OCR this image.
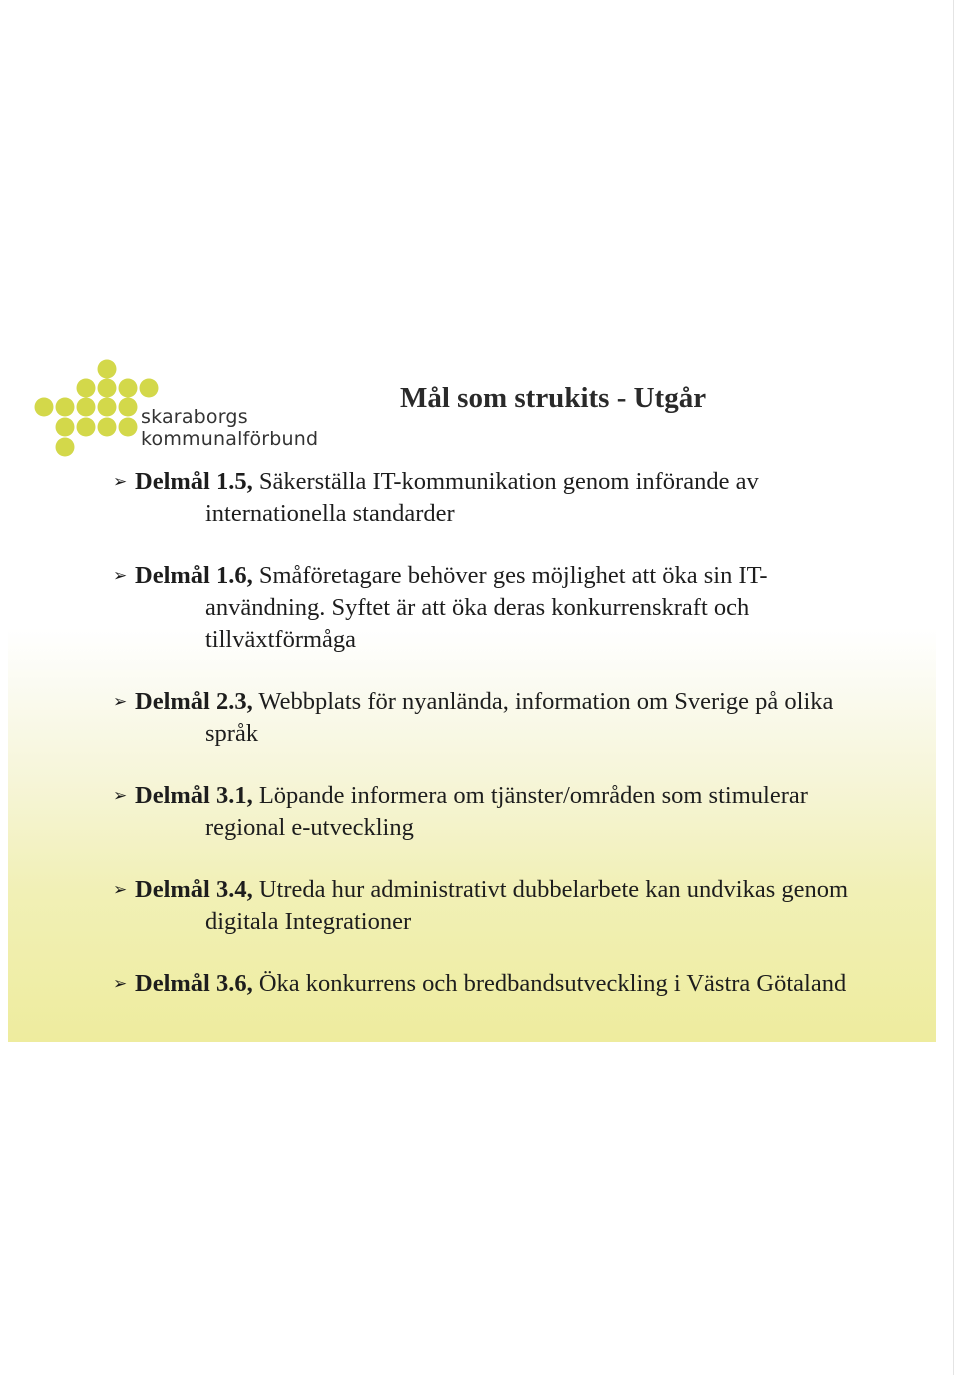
skaraborgs
kommunalförbund
Mål som strukits - Utgår
➢ Delmål 1.5, Säkerställa IT-kommunikation genom införande av internationella standarder
➢ Delmål 1.6, Småföretagare behöver ges möjlighet att öka sin IT-användning. Syftet är att öka deras konkurrenskraft och tillväxtförmåga
➢ Delmål 2.3, Webbplats för nyanlända, information om Sverige på olika språk
➢ Delmål 3.1, Löpande informera om tjänster/områden som stimulerar regional e-utveckling
➢ Delmål 3.4, Utreda hur administrativt dubbelarbete kan undvikas genom digitala Integrationer
➢ Delmål 3.6, Öka konkurrens och bredbandsutveckling i Västra Götaland
